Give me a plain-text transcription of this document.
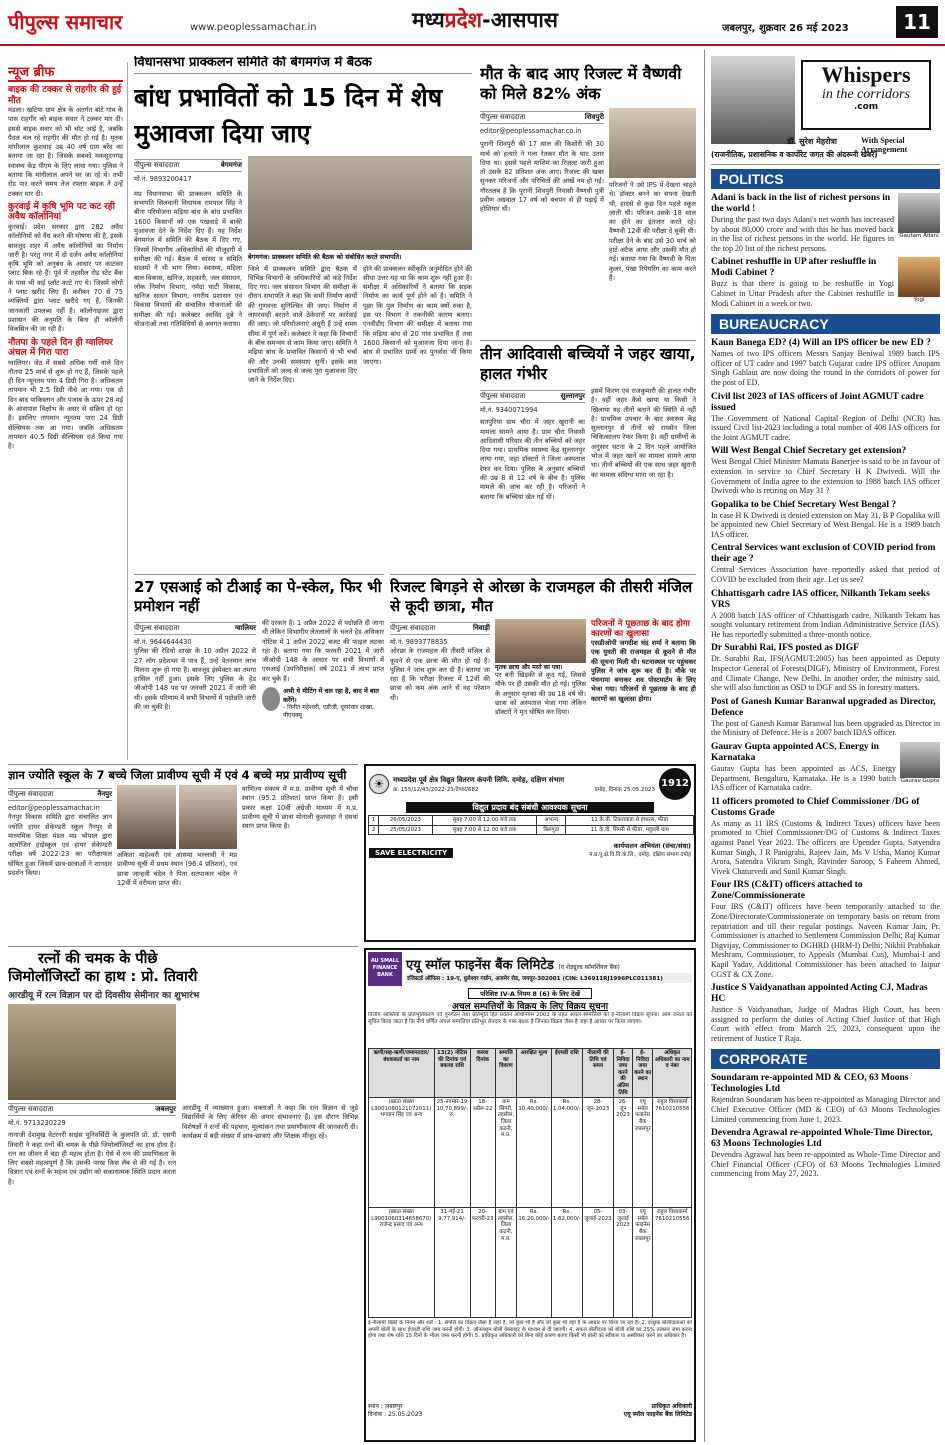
पीपुल्स समाचार	www.peoplessamachar.in	मध्यप्रदेश-आसपास	जबलपुर, शुक्रवार 26 मई 2023	11
न्यूज ब्रीफ
बाइक की टक्कर से राहगीर की हुई मौत
मंडला। खटिया ग्राम क्षेत्र के अंतर्गत बांटे गांव के पास राहगीर को बाइक सवार ने टक्कर मार दी। इससे बाइक सवार को भी चोट आई है, जबकि पैदल चल रहे राहगीर की मौत हो गई है। मृतक मांगीलाल कुशवाह उम्र 40 वर्ष ग्राम बरेंद का बताया जा रहा है। जिसके सबको मकसूदनगढ़ स्वास्थ्य केंद्र पीएम के लिए लाया गया। पुलिस ने बताया कि मांगीलाल अपने घर जा रहे थे। तभी रोड पार करते समय तेज रफ्तार बाइक ने उन्हें टक्कर मार दी।
कुरवाई में कृषि भूमि पट कट रही अवैध कॉलोनियां
कुरवाई। प्रदेश सरकार द्वारा 282 अवैध कॉलोनियों को वैध करने की घोषणा की है, इसके बावजूद शहर में अवैध कॉलोनियों का निर्माण जारी है। परंतु नगर में दो दर्जन अवैध कॉलोनियां कृषि भूमि को अनुबंध के आधार पर काटकर प्लाट बिक रहे हैं। पूर्व में तहसील रोड स्टेट बैंक के पास भी कई प्लॉट काटे गए थे। जिसमें लोगों ने प्लाट खरीद लिए हैं। करीबन 70 से 75 व्यक्तियों द्वारा प्लाट खरीदे गए हैं, जिनकी जानकारी उपलब्ध नहीं है। कॉलोनाइजर द्वारा प्रशासन की अनुमति के बिना ही कॉलोनी विकसित की जा रही है।
नौतपा के पहले दिन ही ग्वालियर अंचल में गिरा पारा
ग्वालियर। जेठ में सबसे अधिक गर्मी वाले दिन नौतपा 25 मार्च से शुरू हो गए हैं, जिसके पहले ही दिन न्यूनतम पारा 4 डिग्री गिरा है। अधिकतम तापमान भी 2.5 डिग्री नीचे आ गया। एक दो दिन बाद पाकिस्तान और पंजाब के ऊपर 28 मई के आसपास विक्षोभ के असर से सक्रिय हो रहा है। इसलिए तापमान न्यूनतम पारा 24 डिग्री सेल्सियस तक आ गया। जबकि अधिकतम तापमान 40.5 डिग्री सेल्सियस दर्ज किया गया है।
विधानसभा प्राक्कलन समिति की बेगमगंज में बैठक
बांध प्रभावितों को 15 दिन में शेष मुआवजा दिया जाए
पीपुल्स संवाददाता	बेगमगंज
मो.नं. 9893200417
मप्र विधानसभा की प्राक्कलन समिति के सभापति सिलवानी विधायक रामपाल सिंह ने बीना परियोजना मढ़िया बांध के बांध प्रभावित 1600 किसानों को एक पखवाड़े में बाकी मुआवजा देने के निर्देश दिए हैं। यह निर्देश बेगमगंज में समिति की बैठक में दिए गए, जिसमें विभागीय अधिकारियों की मौजूदगी में समीक्षा की गई। बैठक में सांसद व समिति सदस्यों ने भी भाग लिया। स्वास्थ्य, महिला बाल विकास, खनिज, सहकारी, जल संसाधन, लोक निर्माण विभाग, नर्मदा घाटी विकास, खनिज साधन विभाग, नगरीय प्रशासन एवं विकास विभागों की संचालित योजनाओं की समीक्षा की गई। कलेक्टर अरविंद दुबे ने योजनाओं तथा गतिविधियों से अवगत कराया।
बेगमगंज। प्राक्कलन समिति की बैठक को संबोधित करते सभापति।
जिले में प्राक्कलन समिति द्वारा बैठक में विभिन्न विभागों के अधिकारियों को कड़े निर्देश दिए गए। जल संसाधन विभाग की समीक्षा के दौरान सभापति ने कहा कि सभी निर्माण कार्यों की गुणवत्ता सुनिश्चित की जाए। निर्माण में लापरवाही बरतने वाले ठेकेदारों पर कार्रवाई की जाए। जो परियोजनाएं अधूरी हैं उन्हें समय सीमा में पूर्ण करें। कलेक्टर ने कहा कि विभागों के बीच समन्वय से काम किया जाए। समिति ने मढ़िया बांध के प्रभावित किसानों से भी चर्चा की और उनकी समस्याएं सुनीं। इसके बाद प्रभावितों को जल्द से जल्द पूरा मुआवजा दिए जाने के निर्देश दिए।
होने की प्राक्कलन स्वीकृति अनुमोदित होने की सीधा उत्तर यह था कि काम शुरू नहीं हुआ है। समीक्षा में अधिकारियों ने बताया कि सड़क निर्माण का कार्य पूर्ण होने को है। समिति ने पूछा कि पुल निर्माण का काम क्यों रुका है, इस पर विभाग ने तकनीकी कारण बताए। एनवीडीए विभाग की समीक्षा में बताया गया कि मढ़िया बांध से 20 गांव प्रभावित हैं तथा 1600 किसानों को मुआवजा दिया जाना है। बांध से प्रभावित ग्रामों का पुनर्वास भी किया जाएगा।
मौत के बाद आए रिजल्ट में वैष्णवी को मिले 82% अंक
पीपुल्स संवाददाता	शिवपुरी
editor@peoplessamachar.co.in
पुरानी शिवपुरी की 17 साल की किशोरी की 30 मार्च को हत्यारे ने गला रेतकर मौत के घाट उतार दिया था। इससे पहले माशिमं का रिजल्ट जारी हुआ तो उसके 82 प्रतिशत अंक आए। रिजल्ट की खबर सुनकर परिजनों और परिचितों की आंखें नम हो गईं। गौरतलब है कि पुरानी शिवपुरी निवासी वैष्णवी पुत्री प्रवीण अग्रवाल 17 वर्ष को बचपन से ही पढ़ाई में होशियार थी।
परिजनों ने उसे IPS में देखना चाहते थे। डॉक्टर बनने का सपना देखती थी, हादसे से कुछ दिन पहले स्कूल जाती थी। परिजन उसके 18 साल का होने का इंतजार करते रहे। वैष्णवी 12वीं की परीक्षा दे चुकी थी। परीक्षा देने के बाद उसे 30 मार्च को हार्ट अटैक आया और उसकी मौत हो गई। बताया गया कि वैष्णवी के पिता कुलर, पंखा रिपेयरिंग का काम करते हैं।
तीन आदिवासी बच्चियों ने जहर खाया, हालत गंभीर
पीपुल्स संवाददाता	सुल्तानपुर
मो.नं. 9340071994
सतपुरिया ग्राम चौरा में जहर खुरानी का मामला सामने आया है। ग्राम चौरा निवासी आदिवासी परिवार की तीन बच्चियों को जहर दिया गया। प्राथमिक स्वास्थ्य केंद्र सुल्तानपुर लाया गया, जहां डॉक्टरों ने जिला अस्पताल रेफर कर दिया। पुलिस के अनुसार बच्चियों की उम्र 8 से 12 वर्ष के बीच है। पुलिस मामले की जांच कर रही है। परिजनों ने बताया कि बच्चियां खेत गई थीं।
इसमें किरण एवं राजकुमारी की हालत गंभीर है। वहीं जहर कैसे खाया या किसी ने खिलाया यह तीनों बताने की स्थिति में नहीं है। प्राथमिक उपचार के बाद स्वास्थ्य केंद्र सुल्तानपुर से तीनों को रायसेन जिला चिकित्सालय रेफर किया है। वहीं ग्रामीणों के अनुसार घटना के 2 दिन पहले आयोजित भोज में जहर खाने का मामला सामने आया था। तीनों बच्चियों की एक साथ जहर खुरानी का मामला संदिग्ध माना जा रहा है।
27 एसआई को टीआई का पे-स्केल, फिर भी प्रमोशन नहीं
पीपुल्स संवाददाता	ग्वालियर
मो.नं. 9644644430
पुलिस की रेडियो शाखा के 10 अप्रैल 2022 से 27 लोग प्रदेशभर में पात्र हैं, उन्हें वेतनमान लाभ मिलना शुरू हो गया है। बावजूद इंस्पेक्टर का तमगा हासिल नहीं हुआ। इसके लिए पुलिस के हेड जीओपी 148 पद पर जनवरी 2021 में जारी की थी। इसके परिणाम में सभी विभागों में पदोन्नति जारी की जा चुकी है।
की दरकार है। 1 अप्रैल 2022 से पदोन्नति दी जाना थी लेकिन विभागीय लेतलालों के चलते हेड अधिकार नोटिस में 1 अप्रैल 2022 बजट की फाइल लटका रहा है। बताया गया कि फरवरी 2021 में जारी जीओपी 148 के आधार पर सभी विभागों में एसआई (उपनिरीक्षक) वर्ष 2021 में लाभ प्राप्त कर चुके हैं।
अभी ये मीटिंग में चल रहा है, बाद में बात करेंगे।
- विनीत महेश्वरी, एडीजी, दूरसंचार शाखा, पीएचक्यू
रिजल्ट बिगड़ने से ओरछा के राजमहल की तीसरी मंजिल से कूदी छात्रा, मौत
पीपुल्स संवाददाता	निवाड़ी
मो.नं. 9893778835
ओरछा के राजमहल की तीसरी मंजिल से कूदने से एक छात्रा की मौत हो गई है। पुलिस ने जांच शुरू कर दी है। बताया जा रहा है कि परीक्षा रिजल्ट में 12वीं की छात्रा को कम अंक आने से वह परेशान थी।
मृतक छात्रा और मरते का पत्रा।
पर बनी खिड़की से कूद गई, जिससे मौके पर ही उसकी मौत हो गई। पुलिस के अनुसार मृतका की उम्र 18 वर्ष थी। छात्रा को अस्पताल भेजा गया लेकिन डॉक्टरों ने मृत घोषित कर दिया।
परिजनों ने पूछताछ के बाद होगा कारणों का खुलासा
एसडीओपी जगदीश चंद्र शर्मा ने बताया कि एक युवती की राजमहल से कूदने से मौत की सूचना मिली थी। घटनास्थल पर पहुंचकर पुलिस ने जांच शुरू कर दी है। मौके पर पंचनामा बनाकर शव पोस्टमार्टम के लिए भेजा गया। परिजनों से पूछताछ के बाद ही कारणों का खुलासा होगा।
ज्ञान ज्योति स्कूल के 7 बच्चे जिला प्रावीण्य सूची में एवं 4 बच्चे मप्र प्रावीण्य सूची
पीपुल्स संवाददाता	नैनपुर
editor@peoplessamachar.in
नैनपुर विकास समिति द्वारा संचालित ज्ञान ज्योति हायर सेकेण्डरी स्कूल नैनपुर से माध्यमिक शिक्षा मंडल मप्र भोपाल द्वारा आयोजित हाईस्कूल एवं हायर सेकेण्डरी परीक्षा वर्ष 2022-23 का परीक्षाफल घोषित हुआ जिसमें छात्र-छात्राओं ने शानदार प्रदर्शन किया।
अंकिता माहेश्वरी एवं आसमा भल्लावी ने मप्र प्रावीण्य सूची में प्रथम स्थान (96.4 प्रतिशत), एवं छात्रा जान्हवी चंदेल ने पिता सतपाकार चंदेल ने 12वीं में वरीयता प्राप्त की।
वाणिज्य संकाय में म.प्र. प्रावीण्य सूची में चौथा स्थान (95.2 प्रतिशत) प्राप्त किया है। इसी प्रकार कक्षा 10वीं अंग्रेजी माध्यम में म.प्र. प्रावीण्य सूची में छात्रा मोनाली कुशवाहा ने दसवां स्थान प्राप्त किया है।
रत्नों की चमक के पीछे
जिमोलॉजिस्टों का हाथ : प्रो. तिवारी
आरडीयू में रत्न विज्ञान पर दो दिवसीय सेमीनार का शुभारंभ
पीपुल्स संवाददाता	जबलपुर
मो.नं. 9713230229
नानाजी देशमुख वेटरनरी साइंस यूनिवर्सिटी के कुलपति प्रो. डॉ. एसपी तिवारी ने कहा रत्नों की चमक के पीछे जिमोलॉजिस्टों का हाथ होता है। रत्न का जीवन में बड़ा ही महत्व होता है। ऐसे में रत्न की प्रमाणिकता के लिए सबसे महत्वपूर्ण है कि उसकी परख किस लैब से की गई है। रत्न विज्ञान एवं रत्नों के महत्व एवं उद्योग को सकारात्मक स्थिति प्रदान करता है।
आरडीयू में व्याख्यान हुआ। वक्ताओं ने कहा कि रत्न विज्ञान से जुड़े विद्यार्थियों के लिए कॅरियर की अपार संभावनाएं हैं। इस दौरान विभिन्न विशेषज्ञों ने रत्नों की पहचान, मूल्यांकन तथा प्रमाणीकरण की जानकारी दी। कार्यक्रम में बड़ी संख्या में छात्र-छात्राएं और शिक्षक मौजूद रहे।
☀	मध्यप्रदेश पूर्व क्षेत्र विद्युत वितरण कंपनी लिमि. दमोह, दक्षिण संभाग
क्र. 155/12/43/2022-23/टेण्डर/682	दमोह, दिनांक 25.05.2023
1912
विद्युत प्रदाय बंद संबंधी आवश्यक सूचना
1	26/05/2023	सुबह 7.00 से 12.00 बजे तक	अभाना	11 के.वी. टिकरावाडा से हाथरस, फीडर
2	25/05/2023	सुबह 7.00 से 12.00 बजे तक	बिलगुठा	11 के.वी. सिमरी से फीडर, महुल्ली ग्राम
SAVE ELECTRICITY
कार्यपालन अभियंता (संचा/संधा)
म.प्र.पू.क्षे.वि.वि.कं.लि., दमोह, दक्षिण संभाग दमोह
AU SMALL FINANCE BANK
एयू स्मॉल फाइनेंस बैंक लिमिटेड (ए शेड्यूल्ड कॉमर्शियल बैंक)
रजिस्टर्ड ऑफिस : 19-ए, धुलेश्वर गार्डन, अजमेर रोड, जयपुर-302001 (CIN: L36911RJ1996PLC011381)
परिशिष्ट IV-A नियम 8 (6) के लिए देखें
अचल सम्पत्तियों के विक्रय के लिए विक्रय सूचना
वित्तीय आस्तियों के प्रतिभूतिकरण एवं पुनर्गठन तथा प्रतिभूति हित प्रवर्तन अधिनियम 2002 के तहत अचल सम्पत्तियों की ई-नीलामी विक्रय सूचना। आम जनता को सूचित किया जाता है कि नीचे वर्णित अचल सम्पत्तियां प्रतिभूत लेनदार के पास बंधक हैं जिनका विक्रय जैसा है जहां है आधार पर किया जाएगा।
ऋणी/सह-ऋणी/जमानतदार/बंधककर्ता का नाम	13(2) नोटिस की दिनांक एवं बकाया राशि	कब्जा दिनांक	सम्पत्ति का विवरण	आरक्षित मूल्य	ईएमडी राशि	नीलामी की तिथि एवं समय	ई-निविदा जमा करने की अंतिम तिथि	ई-निविदा जमा करने का स्थान	अधिकृत अधिकारी का नाम व नंबर
(खाता संख्या L9001060121072011) भगवान सिंह एवं अन्य	25-नवम्बर-19 10,70,899/- रु.	18-अप्रैल-22	ग्राम सिंगरी, तहसील, जिला कटनी, म.प्र.	Rs. 10,40,000/-	Rs. 1,04,000/-	28-जून-2023	26-जून 2023	एयू स्मॉल फाइनेंस बैंक जबलपुर	राहुल विश्वकर्मा 7610210556
(खाता संख्या L9001060314658670) राजेन्द्र प्रसाद एवं अन्य	31-मई-21 9,77,914/-	20-फरवरी-23	ग्राम एवं तहसील, जिला कटनी, म.प्र.	Rs. 16,20,000/-	Rs. 1,62,000/-	05-जुलाई-2023	03-जुलाई 2023	एयू स्मॉल फाइनेंस बैंक जबलपुर	राहुल विश्वकर्मा 7610210556
ई-नीलामी बिक्री के नियम और शर्तें : 1. संपत्ति का विक्रय जैसा है जहां है, जो कुछ भी है और जो कुछ भी वहां है के आधार पर किया जा रहा है। 2. इच्छुक बोलीदाताओं को अपनी बोली के साथ ईएमडी राशि जमा करनी होगी। 3. ऑनलाइन बोली वेबसाइट के माध्यम से दी जाएगी। 4. सफल बोलीदाता को बोली राशि का 25% तत्काल जमा करना होगा तथा शेष राशि 15 दिनों के भीतर जमा करनी होगी। 5. प्राधिकृत अधिकारी को बिना कोई कारण बताए किसी भी बोली को स्वीकार या अस्वीकार करने का अधिकार है।
स्थान : जबलपुर
दिनांक : 25.05.2023
प्राधिकृत अधिकारी
एयू स्मॉल फाइनेंस बैंक लिमिटेड
Whispers
in the corridors
.com
डॉ. सुरेश मेहरोत्रा	With Special Arrangement
(राजनीतिक, प्रशासनिक व कार्पोरेट जगत की अंदरूनी खबरें)
POLITICS
Adani is back in the list of richest persons in the world !
During the past two days Adani's net worth has increased by about 80,000 crore and with this he has moved back in the list of richest persons in the world. He figures in the top 20 list of the richest persons.
Gautam Adani
Cabinet reshuffle in UP after reshuffle in Modi Cabinet ?
Buzz is that there is going to be reshuffle in Yogi Cabinet in Uttar Pradesh after the Cabinet reshuffle in Modi Cabinet in a week or two.	Yogi
BUREAUCRACY
Kaun Banega ED? (4) Will an IPS officer be new ED ?
Names of two IPS officers Messrs Sanjay Beniwal 1989 batch IPS officer of UT cadre and 1997 batch Gujarat cadre IPS officer Anupam Singh Gahlaut are now doing the round in the corridors of power for the post of ED.
Civil list 2023 of IAS officers of Joint AGMUT cadre issued
The Government of National Capital Region of Delhi (NCR) has issued Civil list-2023 including a total number of 408 IAS officers for the Joint AGMUT cadre.
Will West Bengal Chief Secretary get extension?
West Bengal Chief Minister Mamata Banerjee is said to be in favour of extension in service to Chief Secretary H K Dwivedi. Will the Government of India agree to the extension to 1988 batch IAS officer Dwivedi who is retiring on May 31 ?
Gopalika to be Chief Secretary West Bengal ?
In case H K Dwivedi is denied extension on May 31, B P Gopalika will be appointed new Chief Secretary of West Bengal. He is a 1989 batch IAS officer.
Central Services want exclusion of COVID period from their age ?
Central Services Association have reportedly asked that period of COVID be excluded from their age. Let us see?
Chhattisgarh cadre IAS officer, Nilkanth Tekam seeks VRS
A 2008 batch IAS officer of Chhattisgarh cadre, Nilkanth Tekam has sought voluntary retirement from Indian Administrative Service (IAS). He has reportedly submitted a three-month notice.
Dr Surabhi Rai, IFS posted as DIGF
Dr. Surabhi Rai, IFS(AGMUT:2005) has been appointed as Deputy Inspector General of Forests(DIGF), Ministry of Environment, Forest and Climate Change, New Delhi. In another order, the ministry said, she will also function as OSD to DGF and SS in forestry matters.
Post of Ganesh Kumar Baranwal upgraded as Director, Defence
The post of Ganesh Kumar Baranwal has been upgraded as Director in the Ministry of Defence. He is a 2007 batch IDAS officer.
Gaurav Gupta appointed ACS, Energy in Karnataka
Gaurav Gupta has been appointed as ACS, Energy Department, Bengaluru, Karnataka. He is a 1990 batch IAS officer of Karnataka cadre.
Gaurav Gupta
11 officers promoted to Chief Commissioner /DG of Customs Grade
As many as 11 IRS (Customs & Indirect Taxes) officers have been promoted to Chief Commissioner/DG of Customs & Indirect Taxes against Panel Year 2023. The officers are Upender Gupta, Satyendra Kumar Singh, J R Panigrahi, Rajeev Jain, Ms V Usha, Manoj Kumar Arora, Satendra Vikram Singh, Ravinder Saroop, S Faheem Ahmed, Vivek Chaturvedi and Sunil Kumar Singh.
Four IRS (C&IT) officers attached to Zone/Commissionerate
Four IRS (C&IT) officers have been temporarily attached to the Zone/Directorate/Commissionerate on temporary basis on return from repatriation and till their regular postings. Naveen Kumar Jain, Pr. Commissioner is attached to Settlement Commission Delhi; Raj Kumar Digvijay, Commissioner to DGHRD (HRM-I) Delhi; Nikhil Prabhakar Meshram, Commissioner, to Appeals (Mumbai Cus), Mumbai-I and Kapil Yadav, Additional Commissioner has been attached to Jaipur CGST & CX Zone.
Justice S Vaidyanathan appointed Acting CJ, Madras HC
Justice S Vaidyanathan, Judge of Madras High Court, has been assigned to perform the duties of Acting Chief Justice of that High Court with effect from March 25, 2023, consequent upon the retirement of Justice T Raja.
CORPORATE
Soundaram re-appointed MD & CEO, 63 Moons Technologies Ltd
Rajendran Soundaram has been re-appointed as Managing Director and Chief Executive Officer (MD & CEO) of 63 Moons Technologies Limited commencing from June 1, 2023.
Devendra Agrawal re-appointed Whole-Time Director, 63 Moons Technologies Ltd
Devendra Agrawal has been re-appointed as Whole-Time Director and Chief Financial Officer (CFO) of 63 Moons Technologies Limited commencing from May 27, 2023.
